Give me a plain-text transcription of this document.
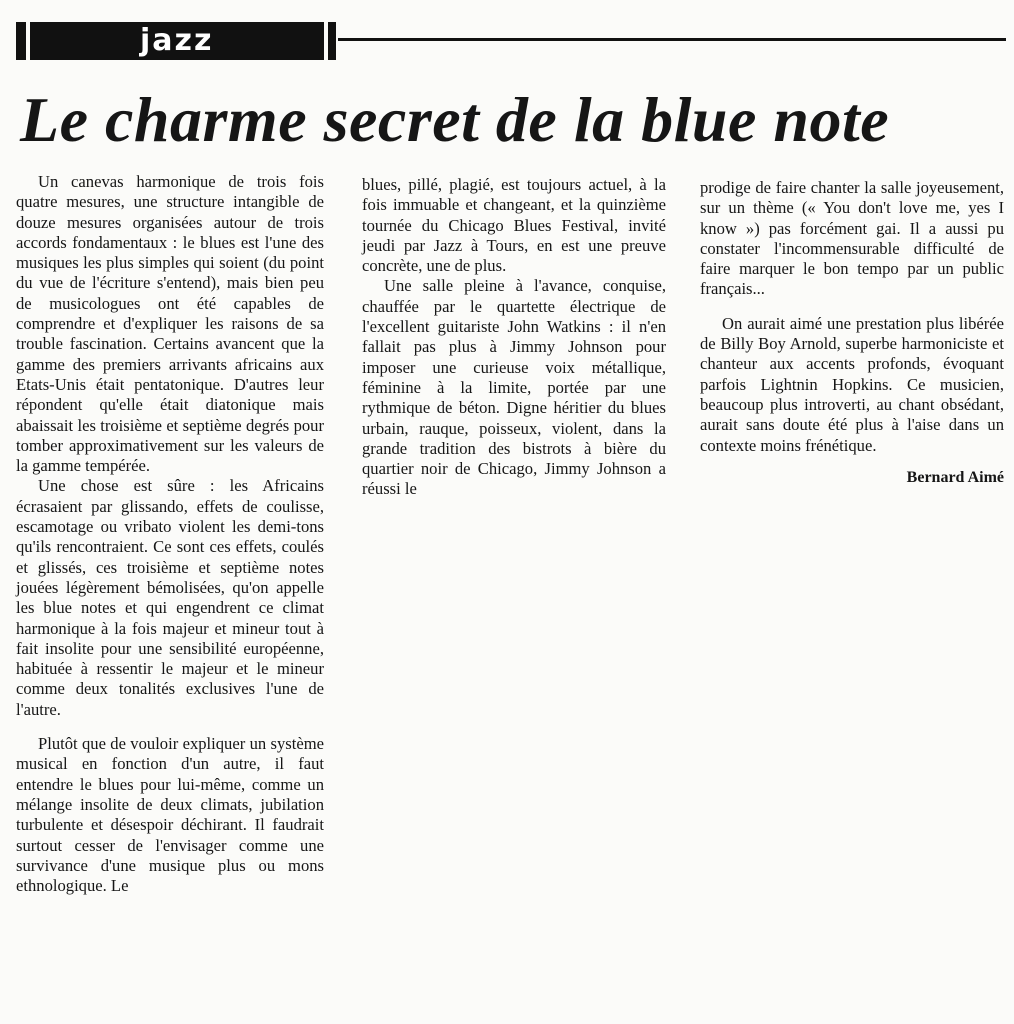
jazz
Le charme secret de la blue note

Un canevas harmonique de trois fois quatre mesures, une structure intangible de douze mesures organisées autour de trois accords fondamentaux : le blues est l'une des musiques les plus simples qui soient (du point du vue de l'écriture s'entend), mais bien peu de musicologues ont été capables de comprendre et d'expliquer les raisons de sa trouble fascination. Certains avancent que la gamme des premiers arrivants africains aux Etats-Unis était pentatonique. D'autres leur répondent qu'elle était diatonique mais abaissait les troisième et septième degrés pour tomber approximativement sur les valeurs de la gamme tempérée.

Une chose est sûre : les Africains écrasaient par glissando, effets de coulisse, escamotage ou vribato violent les demi-tons qu'ils rencontraient. Ce sont ces effets, coulés et glissés, ces troisième et septième notes jouées légèrement bémolisées, qu'on appelle les blue notes et qui engendrent ce climat harmonique à la fois majeur et mineur tout à fait insolite pour une sensibilité européenne, habituée à ressentir le majeur et le mineur comme deux tonalités exclusives l'une de l'autre.

Plutôt que de vouloir expliquer un système musical en fonction d'un autre, il faut entendre le blues pour lui-même, comme un mélange insolite de deux climats, jubilation turbulente et désespoir déchirant. Il faudrait surtout cesser de l'envisager comme une survivance d'une musique plus ou mons ethnologique. Le

blues, pillé, plagié, est toujours actuel, à la fois immuable et changeant, et la quinzième tournée du Chicago Blues Festival, invité jeudi par Jazz à Tours, en est une preuve concrète, une de plus.

Une salle pleine à l'avance, conquise, chauffée par le quartette électrique de l'excellent guitariste John Watkins : il n'en fallait pas plus à Jimmy Johnson pour imposer une curieuse voix métallique, féminine à la limite, portée par une rythmique de béton. Digne héritier du blues urbain, rauque, poisseux, violent, dans la grande tradition des bistrots à bière du quartier noir de Chicago, Jimmy Johnson a réussi le

prodige de faire chanter la salle joyeusement, sur un thème (« You don't love me, yes I know ») pas forcément gai. Il a aussi pu constater l'incommensurable difficulté de faire marquer le bon tempo par un public français...

On aurait aimé une prestation plus libérée de Billy Boy Arnold, superbe harmoniciste et chanteur aux accents profonds, évoquant parfois Lightnin Hopkins. Ce musicien, beaucoup plus introverti, au chant obsédant, aurait sans doute été plus à l'aise dans un contexte moins frénétique.

Bernard Aimé
